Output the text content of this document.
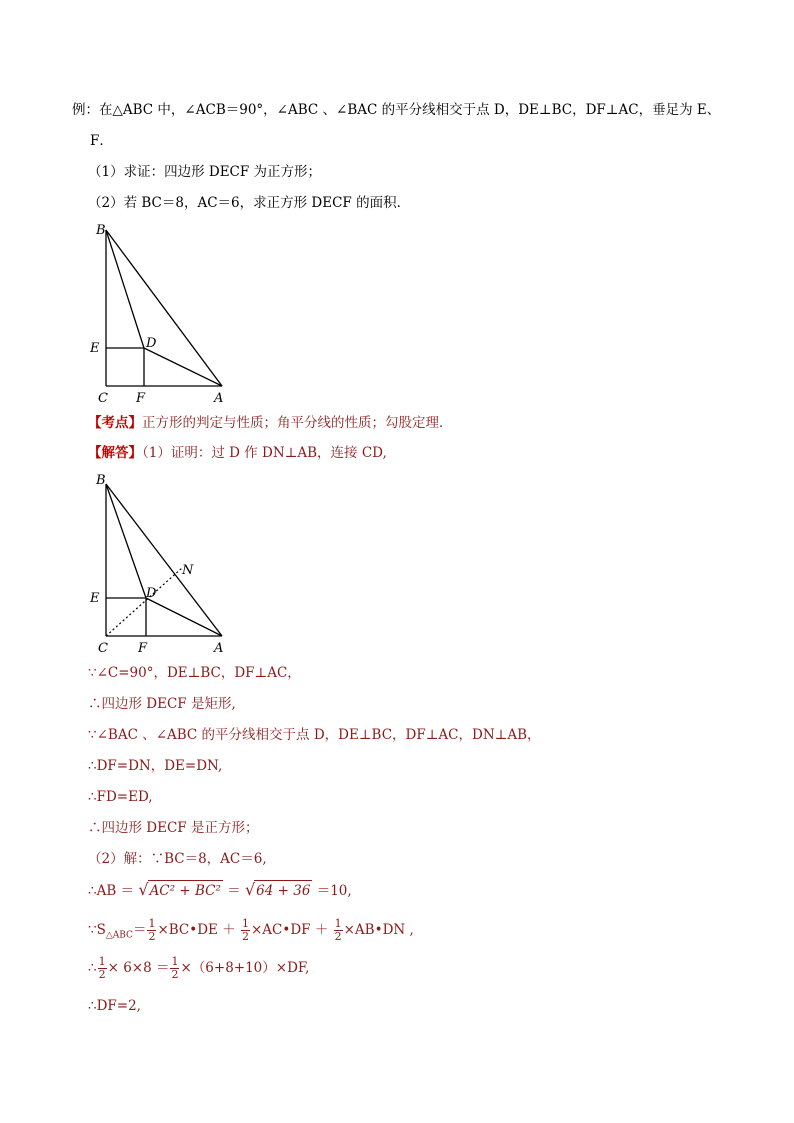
例：在△ABC 中，∠ACB＝90°，∠ABC 、∠BAC 的平分线相交于点 D，DE⊥BC，DF⊥AC，垂足为 E、
F．
（1）求证：四边形 DECF 为正方形；
（2）若 BC＝8，AC＝6，求正方形 DECF 的面积．
B
E	D
C F	A
【考点】正方形的判定与性质；角平分线的性质；勾股定理．
【解答】（1）证明：过 D 作 DN⊥AB，连接 CD,
B
N
E	D
C F	A
∵∠C=90°，DE⊥BC，DF⊥AC，
∴四边形 DECF 是矩形,
∵∠BAC 、∠ABC 的平分线相交于点 D，DE⊥BC，DF⊥AC，DN⊥AB，
∴DF=DN，DE=DN,
∴FD=ED,
∴四边形 DECF 是正方形；
（2）解：∵BC＝8，AC＝6,
∴AB ＝ √AC² + BC² ＝ √64 + 36 ＝10,
$\because S_{\triangle ABC}= \frac{1}{2}$ ×BC•DE ＋ $\frac{1}{2}$ ×AC•DF ＋ $\frac{1}{2}$ ×AB•DN ,
∴ $\frac{1}{2} \times 6\times 8 = \frac{1}{2} \times(6+8+10)\times DF$,
∴DF=2,
